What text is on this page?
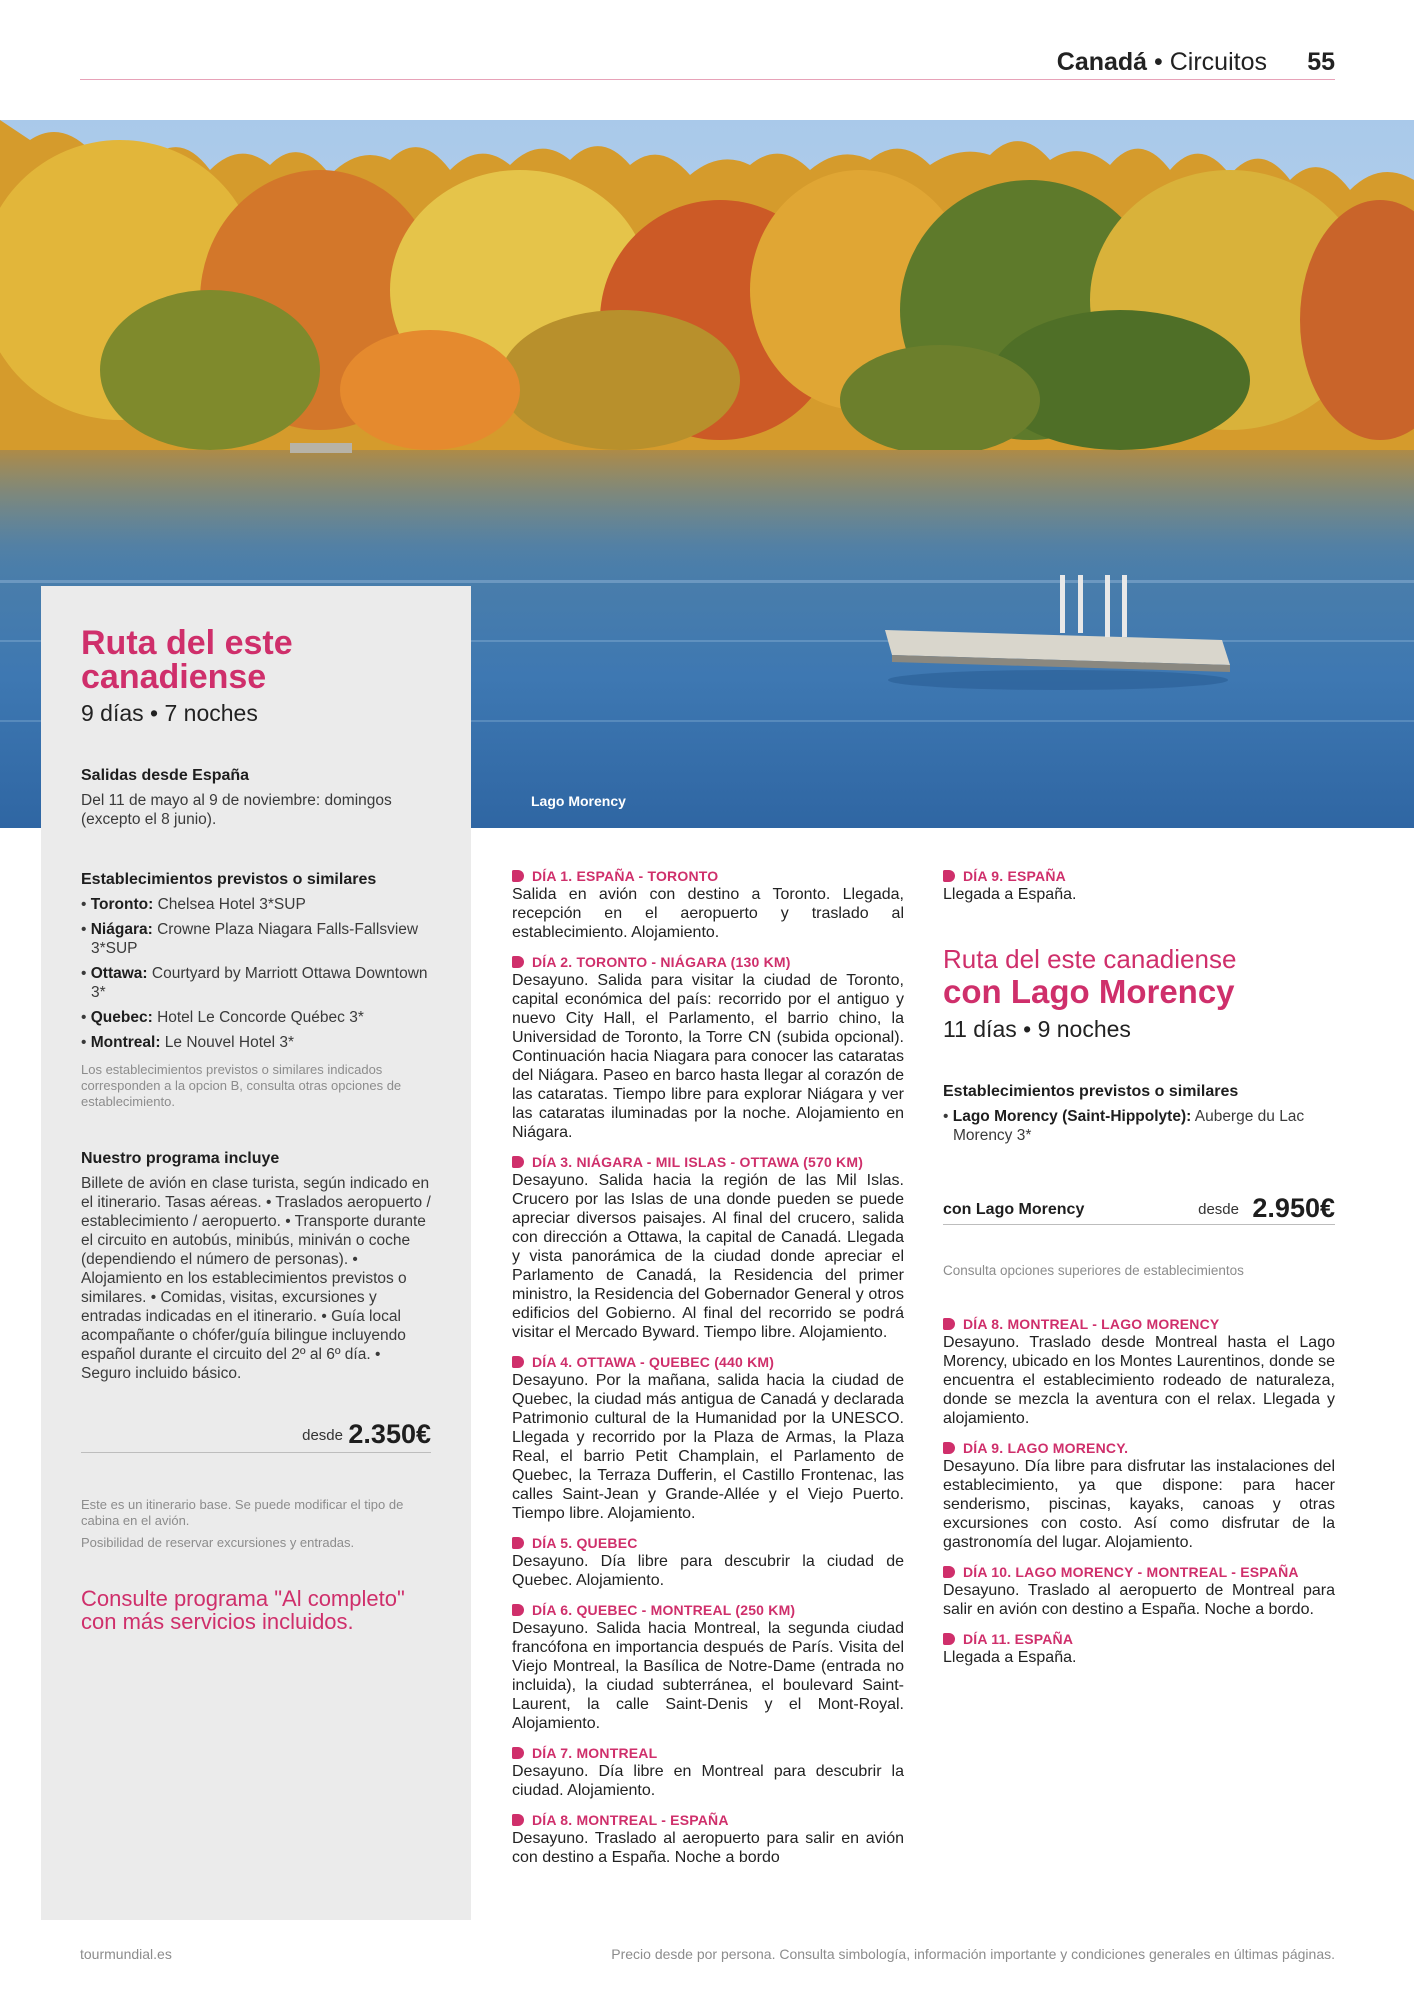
Canadá • Circuitos 55
Lago Morency
Ruta del este canadiense
9 días • 7 noches
Salidas desde España
Del 11 de mayo al 9 de noviembre: domingos (excepto el 8 junio).
Establecimientos previstos o similares
• Toronto: Chelsea Hotel 3*SUP
• Niágara: Crowne Plaza Niagara Falls-Fallsview 3*SUP
• Ottawa: Courtyard by Marriott Ottawa Downtown 3*
• Quebec: Hotel Le Concorde Québec 3*
• Montreal: Le Nouvel Hotel 3*
Los establecimientos previstos o similares indicados corresponden a la opcion B, consulta otras opciones de establecimiento.
Nuestro programa incluye
Billete de avión en clase turista, según indicado en el itinerario. Tasas aéreas. • Traslados aeropuerto / establecimiento / aeropuerto. • Transporte durante el circuito en autobús, minibús, miniván o coche (dependiendo el número de personas). • Alojamiento en los establecimientos previstos o similares. • Comidas, visitas, excursiones y entradas indicadas en el itinerario. • Guía local acompañante o chófer/guía bilingue incluyendo español durante el circuito del 2º al 6º día. • Seguro incluido básico.
desde 2.350€
Este es un itinerario base. Se puede modificar el tipo de cabina en el avión.
Posibilidad de reservar excursiones y entradas.
Consulte programa "Al completo" con más servicios incluidos.
DÍA 1. ESPAÑA - TORONTO
Salida en avión con destino a Toronto. Llegada, recepción en el aeropuerto y traslado al establecimiento. Alojamiento.
DÍA 2. TORONTO - NIÁGARA (130 KM)
Desayuno. Salida para visitar la ciudad de Toronto, capital económica del país: recorrido por el antiguo y nuevo City Hall, el Parlamento, el barrio chino, la Universidad de Toronto, la Torre CN (subida opcional). Continuación hacia Niagara para conocer las cataratas del Niágara. Paseo en barco hasta llegar al corazón de las cataratas. Tiempo libre para explorar Niágara y ver las cataratas iluminadas por la noche. Alojamiento en Niágara.
DÍA 3. NIÁGARA - MIL ISLAS - OTTAWA (570 KM)
Desayuno. Salida hacia la región de las Mil Islas. Crucero por las Islas de una donde pueden se puede apreciar diversos paisajes. Al final del crucero, salida con dirección a Ottawa, la capital de Canadá. Llegada y vista panorámica de la ciudad donde apreciar el Parlamento de Canadá, la Residencia del primer ministro, la Residencia del Gobernador General y otros edificios del Gobierno. Al final del recorrido se podrá visitar el Mercado Byward. Tiempo libre. Alojamiento.
DÍA 4. OTTAWA - QUEBEC (440 KM)
Desayuno. Por la mañana, salida hacia la ciudad de Quebec, la ciudad más antigua de Canadá y declarada Patrimonio cultural de la Humanidad por la UNESCO. Llegada y recorrido por la Plaza de Armas, la Plaza Real, el barrio Petit Champlain, el Parlamento de Quebec, la Terraza Dufferin, el Castillo Frontenac, las calles Saint-Jean y Grande-Allée y el Viejo Puerto. Tiempo libre. Alojamiento.
DÍA 5. QUEBEC
Desayuno. Día libre para descubrir la ciudad de Quebec. Alojamiento.
DÍA 6. QUEBEC - MONTREAL (250 KM)
Desayuno. Salida hacia Montreal, la segunda ciudad francófona en importancia después de París. Visita del Viejo Montreal, la Basílica de Notre-Dame (entrada no incluida), la ciudad subterránea, el boulevard Saint-Laurent, la calle Saint-Denis y el Mont-Royal. Alojamiento.
DÍA 7. MONTREAL
Desayuno. Día libre en Montreal para descubrir la ciudad. Alojamiento.
DÍA 8. MONTREAL - ESPAÑA
Desayuno. Traslado al aeropuerto para salir en avión con destino a España. Noche a bordo
DÍA 9. ESPAÑA
Llegada a España.
Ruta del este canadiense
con Lago Morency
11 días • 9 noches
Establecimientos previstos o similares
• Lago Morency (Saint-Hippolyte): Auberge du Lac Morency 3*
con Lago Morency	desde 2.950€
Consulta opciones superiores de establecimientos
DÍA 8. MONTREAL - LAGO MORENCY
Desayuno. Traslado desde Montreal hasta el Lago Morency, ubicado en los Montes Laurentinos, donde se encuentra el establecimiento rodeado de naturaleza, donde se mezcla la aventura con el relax. Llegada y alojamiento.
DÍA 9. LAGO MORENCY.
Desayuno. Día libre para disfrutar las instalaciones del establecimiento, ya que dispone: para hacer senderismo, piscinas, kayaks, canoas y otras excursiones con costo. Así como disfrutar de la gastronomía del lugar. Alojamiento.
DÍA 10. LAGO MORENCY - MONTREAL - ESPAÑA
Desayuno. Traslado al aeropuerto de Montreal para salir en avión con destino a España. Noche a bordo.
DÍA 11. ESPAÑA
Llegada a España.
tourmundial.es	Precio desde por persona. Consulta simbología, información importante y condiciones generales en últimas páginas.
